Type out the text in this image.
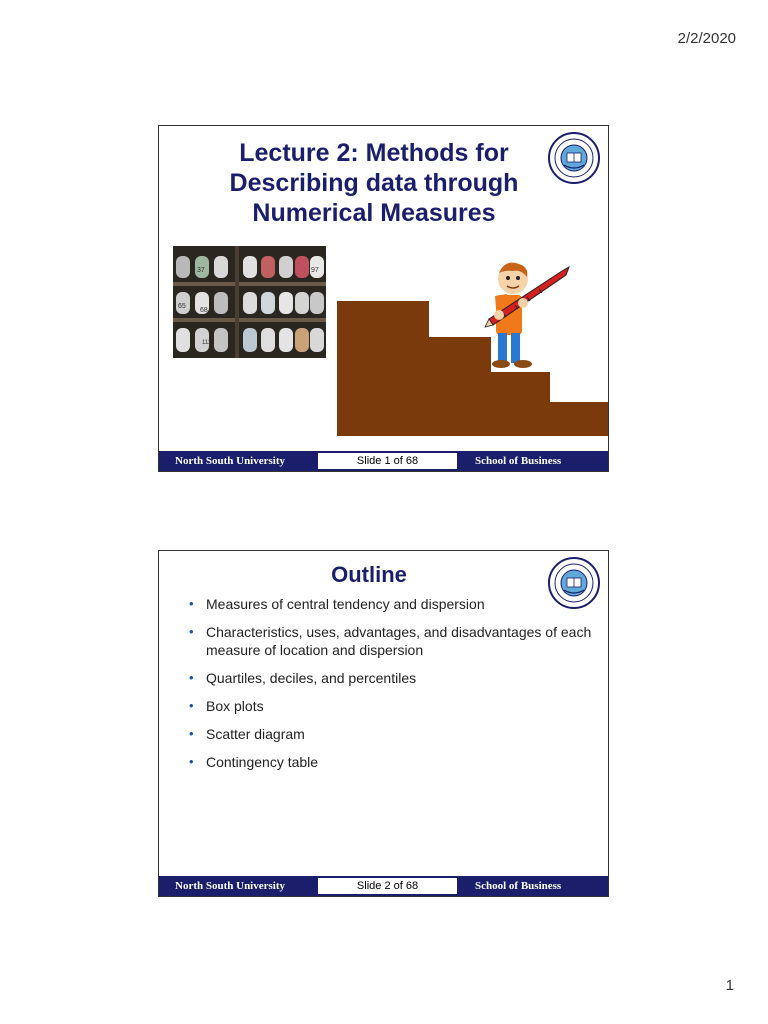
2/2/2020
Lecture 2: Methods for Describing data through Numerical Measures
37	97
65
68
111
North South University	Slide 1 of 68	School of Business
Outline
• Measures of central tendency and dispersion
• Characteristics, uses, advantages, and disadvantages of each measure of location and dispersion
• Quartiles, deciles, and percentiles
• Box plots
• Scatter diagram
• Contingency table
North South University	Slide 2 of 68	School of Business
1
